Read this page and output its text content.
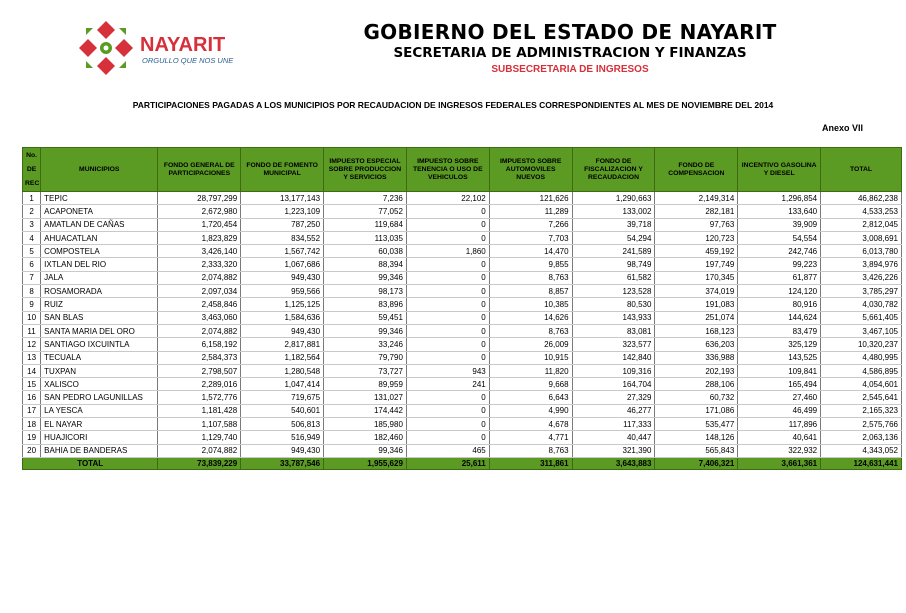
NAYARIT
ORGULLO QUE NOS UNE
GOBIERNO DEL ESTADO DE NAYARIT
SECRETARIA DE ADMINISTRACION Y FINANZAS
SUBSECRETARIA DE INGRESOS
PARTICIPACIONES PAGADAS A LOS MUNICIPIOS POR RECAUDACION DE INGRESOS FEDERALES CORRESPONDIENTES AL MES DE NOVIEMBRE DEL 2014
Anexo VII
No.
DE
REC	MUNICIPIOS	FONDO GENERAL DE PARTICIPACIONES	FONDO DE FOMENTO MUNICIPAL	IMPUESTO ESPECIAL SOBRE PRODUCCION Y SERVICIOS	IMPUESTO SOBRE TENENCIA O USO DE VEHICULOS	IMPUESTO SOBRE AUTOMOVILES NUEVOS	FONDO DE FISCALIZACION Y RECAUDACION	FONDO DE COMPENSACION	INCENTIVO GASOLINA Y DIESEL	TOTAL
1	TEPIC	28,797,299	13,177,143	7,236	22,102	121,626	1,290,663	2,149,314	1,296,854	46,862,238
2	ACAPONETA	2,672,980	1,223,109	77,052	0	11,289	133,002	282,181	133,640	4,533,253
3	AMATLAN DE CAÑAS	1,720,454	787,250	119,684	0	7,266	39,718	97,763	39,909	2,812,045
4	AHUACATLAN	1,823,829	834,552	113,035	0	7,703	54,294	120,723	54,554	3,008,691
5	COMPOSTELA	3,426,140	1,567,742	60,038	1,860	14,470	241,589	459,192	242,746	6,013,780
6	IXTLAN DEL RIO	2,333,320	1,067,686	88,394	0	9,855	98,749	197,749	99,223	3,894,976
7	JALA	2,074,882	949,430	99,346	0	8,763	61,582	170,345	61,877	3,426,226
8	ROSAMORADA	2,097,034	959,566	98,173	0	8,857	123,528	374,019	124,120	3,785,297
9	RUIZ	2,458,846	1,125,125	83,896	0	10,385	80,530	191,083	80,916	4,030,782
10	SAN BLAS	3,463,060	1,584,636	59,451	0	14,626	143,933	251,074	144,624	5,661,405
11	SANTA MARIA DEL ORO	2,074,882	949,430	99,346	0	8,763	83,081	168,123	83,479	3,467,105
12	SANTIAGO IXCUINTLA	6,158,192	2,817,881	33,246	0	26,009	323,577	636,203	325,129	10,320,237
13	TECUALA	2,584,373	1,182,564	79,790	0	10,915	142,840	336,988	143,525	4,480,995
14	TUXPAN	2,798,507	1,280,548	73,727	943	11,820	109,316	202,193	109,841	4,586,895
15	XALISCO	2,289,016	1,047,414	89,959	241	9,668	164,704	288,106	165,494	4,054,601
16	SAN PEDRO LAGUNILLAS	1,572,776	719,675	131,027	0	6,643	27,329	60,732	27,460	2,545,641
17	LA YESCA	1,181,428	540,601	174,442	0	4,990	46,277	171,086	46,499	2,165,323
18	EL NAYAR	1,107,588	506,813	185,980	0	4,678	117,333	535,477	117,896	2,575,766
19	HUAJICORI	1,129,740	516,949	182,460	0	4,771	40,447	148,126	40,641	2,063,136
20	BAHIA DE BANDERAS	2,074,882	949,430	99,346	465	8,763	321,390	565,843	322,932	4,343,052
TOTAL		73,839,229	33,787,546	1,955,629	25,611	311,861	3,643,883	7,406,321	3,661,361	124,631,441
